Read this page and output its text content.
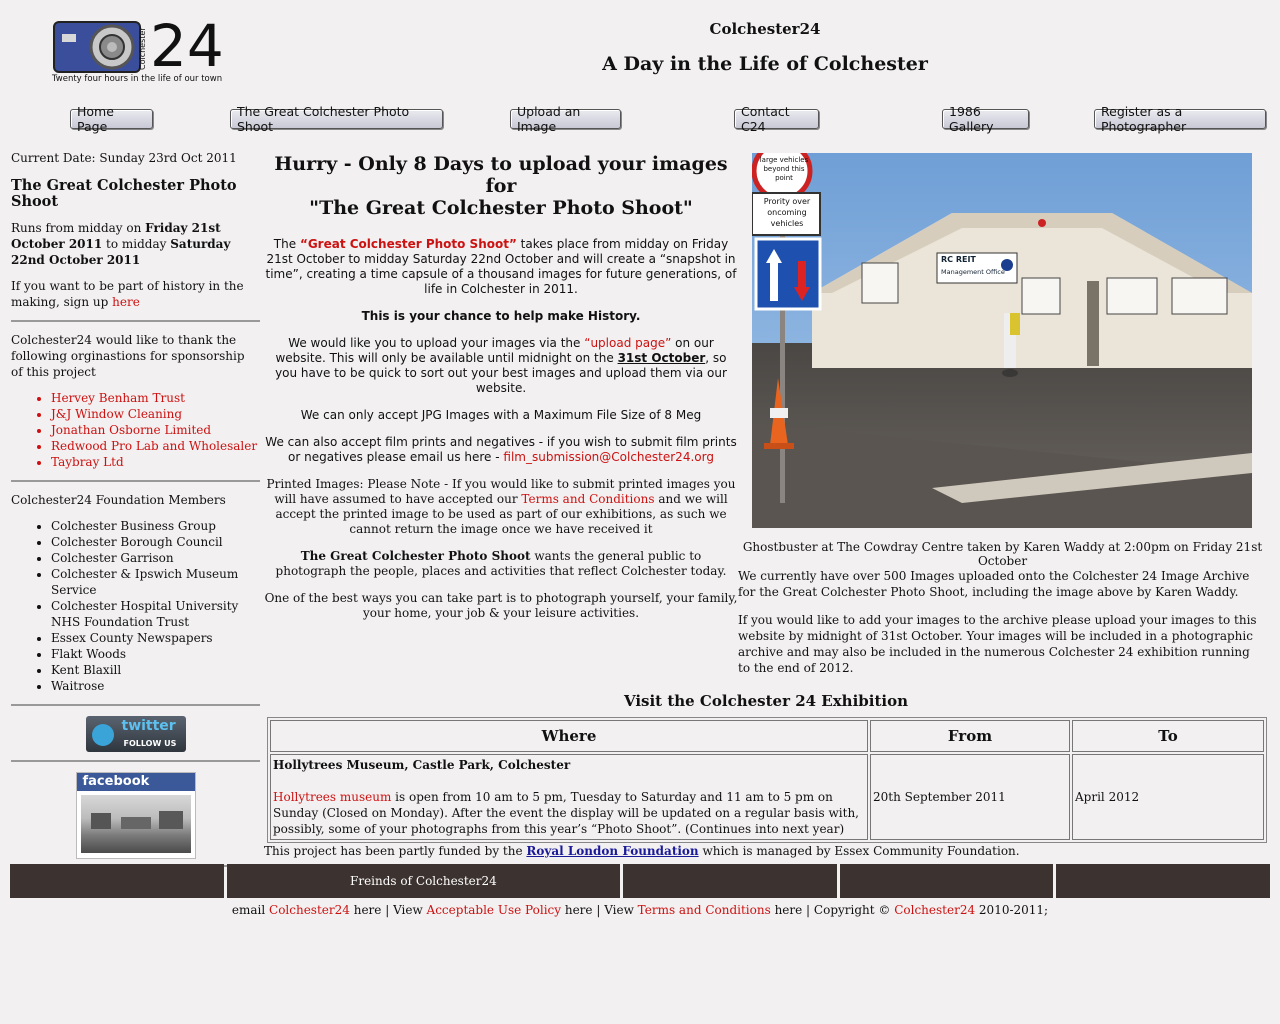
Colchester 24
Twenty four hours in the life of our town
Colchester24
A Day in the Life of Colchester
Home Page
The Great Colchester Photo Shoot
Upload an Image
Contact C24
1986 Gallery
Register as a Photographer
Current Date: Sunday 23rd Oct 2011
The Great Colchester Photo Shoot

Runs from midday on Friday 21st October 2011 to midday Saturday 22nd October 2011

If you want to be part of history in the making, sign up here

Colchester24 would like to thank the following orginastions for sponsorship of this project

• Hervey Benham Trust
• J&J Window Cleaning
• Jonathan Osborne Limited
• Redwood Pro Lab and Wholesaler
• Taybray Ltd

Colchester24 Foundation Members

• Colchester Business Group
• Colchester Borough Council
• Colchester Garrison
• Colchester & Ipswich Museum Service
• Colchester Hospital University NHS Foundation Trust
• Essex County Newspapers
• Flakt Woods
• Kent Blaxill
• Waitrose
twitter
FOLLOW US
facebook
Hurry - Only 8 Days to upload your images for
"The Great Colchester Photo Shoot"

The “Great Colchester Photo Shoot” takes place from midday on Friday 21st October to midday Saturday 22nd October and will create a “snapshot in time”, creating a time capsule of a thousand images for future generations, of life in Colchester in 2011.

This is your chance to help make History.

We would like you to upload your images via the “upload page” on our website. This will only be available until midnight on the 31st October, so you have to be quick to sort out your best images and upload them via our website.

We can only accept JPG Images with a Maximum File Size of 8 Meg

We can also accept film prints and negatives - if you wish to submit film prints or negatives please email us here - film_submission@Colchester24.org

Printed Images: Please Note - If you would like to submit printed images you will have assumed to have accepted our Terms and Conditions and we will accept the printed image to be used as part of our exhibitions, as such we cannot return the image once we have received it

The Great Colchester Photo Shoot wants the general public to photograph the people, places and activities that reflect Colchester today.

One of the best ways you can take part is to photograph yourself, your family, your home, your job & your leisure activities.

large vehicles beyond this point
Prority over oncoming vehicles
RC REIT
Management Office
Ghostbuster at The Cowdray Centre taken by Karen Waddy at 2:00pm on Friday 21st October

We currently have over 500 Images uploaded onto the Colchester 24 Image Archive for the Great Colchester Photo Shoot, including the image above by Karen Waddy.

If you would like to add your images to the archive please upload your images to this website by midnight of 31st October. Your images will be included in a photographic archive and may also be included in the numerous Colchester 24 exhibition running to the end of 2012.

Visit the Colchester 24 Exhibition
Where	From	To
Hollytrees Museum, Castle Park, Colchester

Hollytrees museum is open from 10 am to 5 pm, Tuesday to Saturday and 11 am to 5 pm on Sunday (Closed on Monday). After the event the display will be updated on a regular basis with, possibly, some of your photographs from this year’s “Photo Shoot”. (Continues into next year)	20th September 2011	April 2012
This project has been partly funded by the Royal London Foundation which is managed by Essex Community Foundation.
Freinds of Colchester24
email Colchester24 here | View Acceptable Use Policy here | View Terms and Conditions here | Copyright © Colchester24 2010-2011;
